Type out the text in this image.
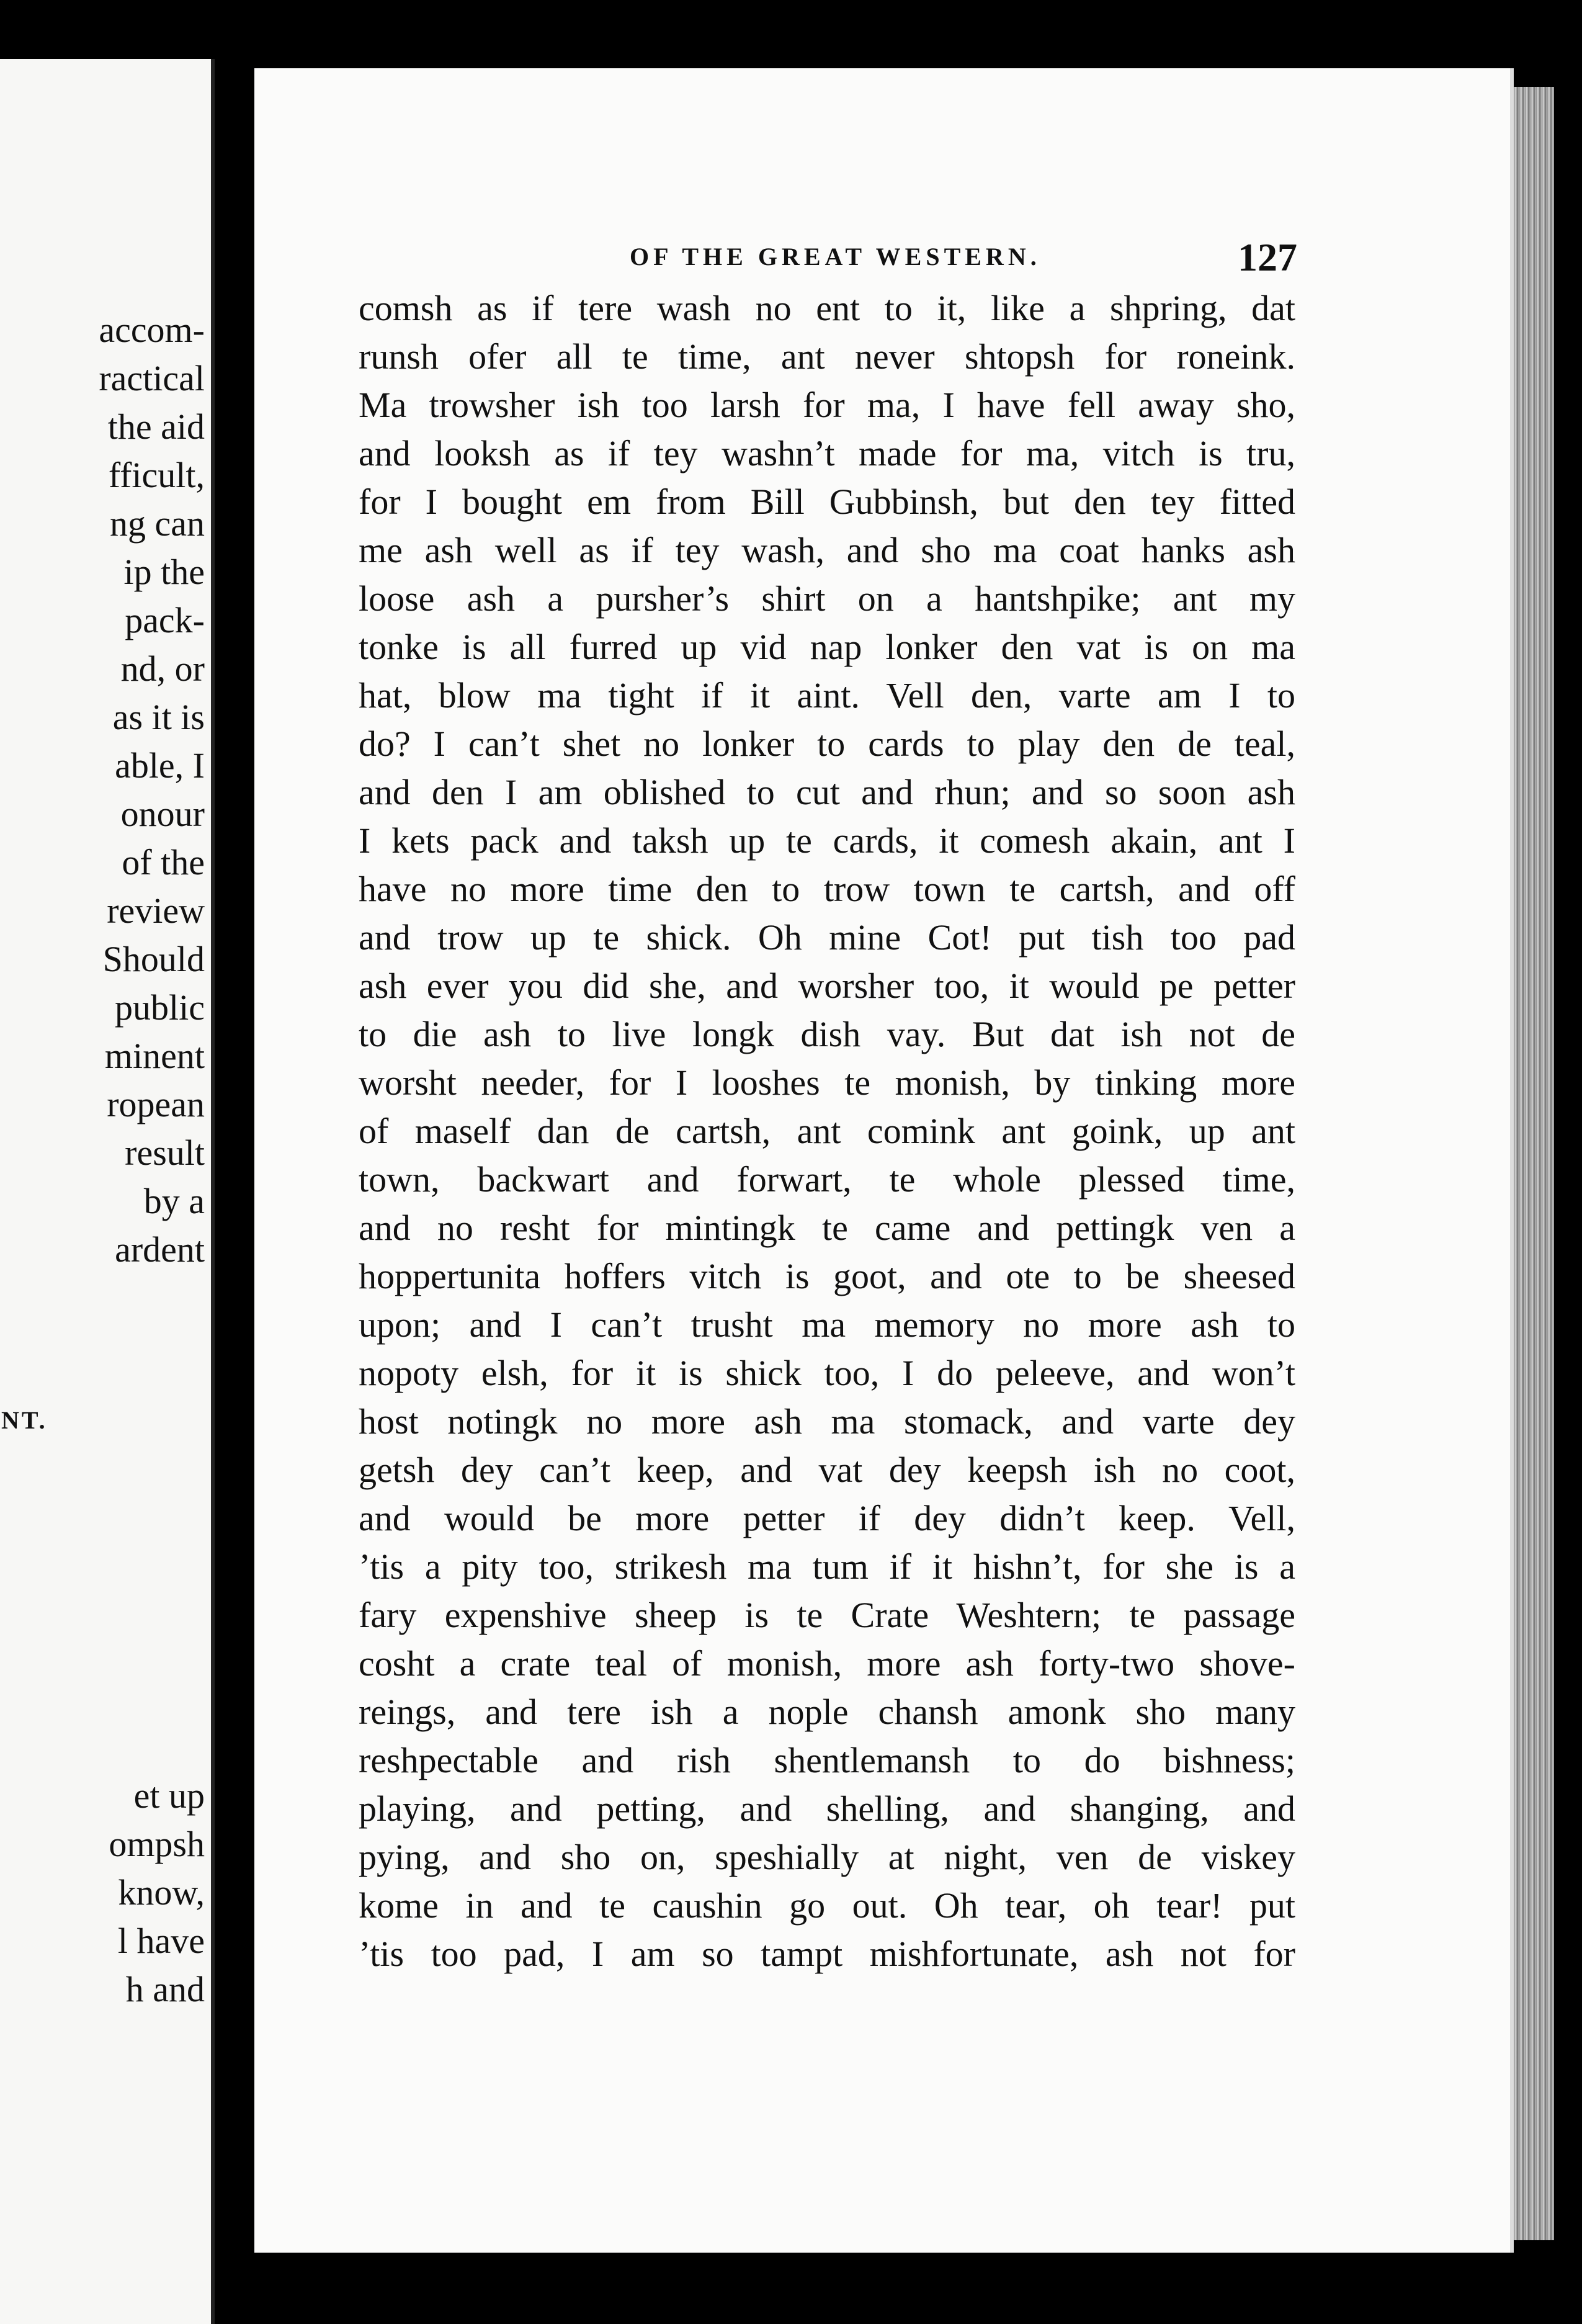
accom-
ractical
the aid
fficult,
ng can
ip the
pack-
nd, or
as it is
able, I
onour
of the
review
Should
public
minent
ropean
result
by a
ardent
NT.
et up
ompsh
know,
l have
h and
OF THE GREAT WESTERN.	127
comsh as if tere wash no ent to it, like a shpring, dat
runsh ofer all te time, ant never shtopsh for roneink.
Ma trowsher ish too larsh for ma, I have fell away sho,
and looksh as if tey washn’t made for ma, vitch is tru,
for I bought em from Bill Gubbinsh, but den tey fitted
me ash well as if tey wash, and sho ma coat hanks ash
loose ash a pursher’s shirt on a hantshpike; ant my
tonke is all furred up vid nap lonker den vat is on ma
hat, blow ma tight if it aint. Vell den, varte am I to
do? I can’t shet no lonker to cards to play den de teal,
and den I am oblished to cut and rhun; and so soon ash
I kets pack and taksh up te cards, it comesh akain, ant I
have no more time den to trow town te cartsh, and off
and trow up te shick. Oh mine Cot! put tish too pad
ash ever you did she, and worsher too, it would pe petter
to die ash to live longk dish vay. But dat ish not de
worsht needer, for I looshes te monish, by tinking more
of maself dan de cartsh, ant comink ant goink, up ant
town, backwart and forwart, te whole plessed time,
and no resht for mintingk te came and pettingk ven a
hoppertunita hoffers vitch is goot, and ote to be sheesed
upon; and I can’t trusht ma memory no more ash to
nopoty elsh, for it is shick too, I do peleeve, and won’t
host notingk no more ash ma stomack, and varte dey
getsh dey can’t keep, and vat dey keepsh ish no coot,
and would be more petter if dey didn’t keep. Vell,
’tis a pity too, strikesh ma tum if it hishn’t, for she is a
fary expenshive sheep is te Crate Weshtern; te passage
cosht a crate teal of monish, more ash forty-two shove-
reings, and tere ish a nople chansh amonk sho many
reshpectable and rish shentlemansh to do bishness;
playing, and petting, and shelling, and shanging, and
pying, and sho on, speshially at night, ven de viskey
kome in and te caushin go out. Oh tear, oh tear! put
’tis too pad, I am so tampt mishfortunate, ash not for
